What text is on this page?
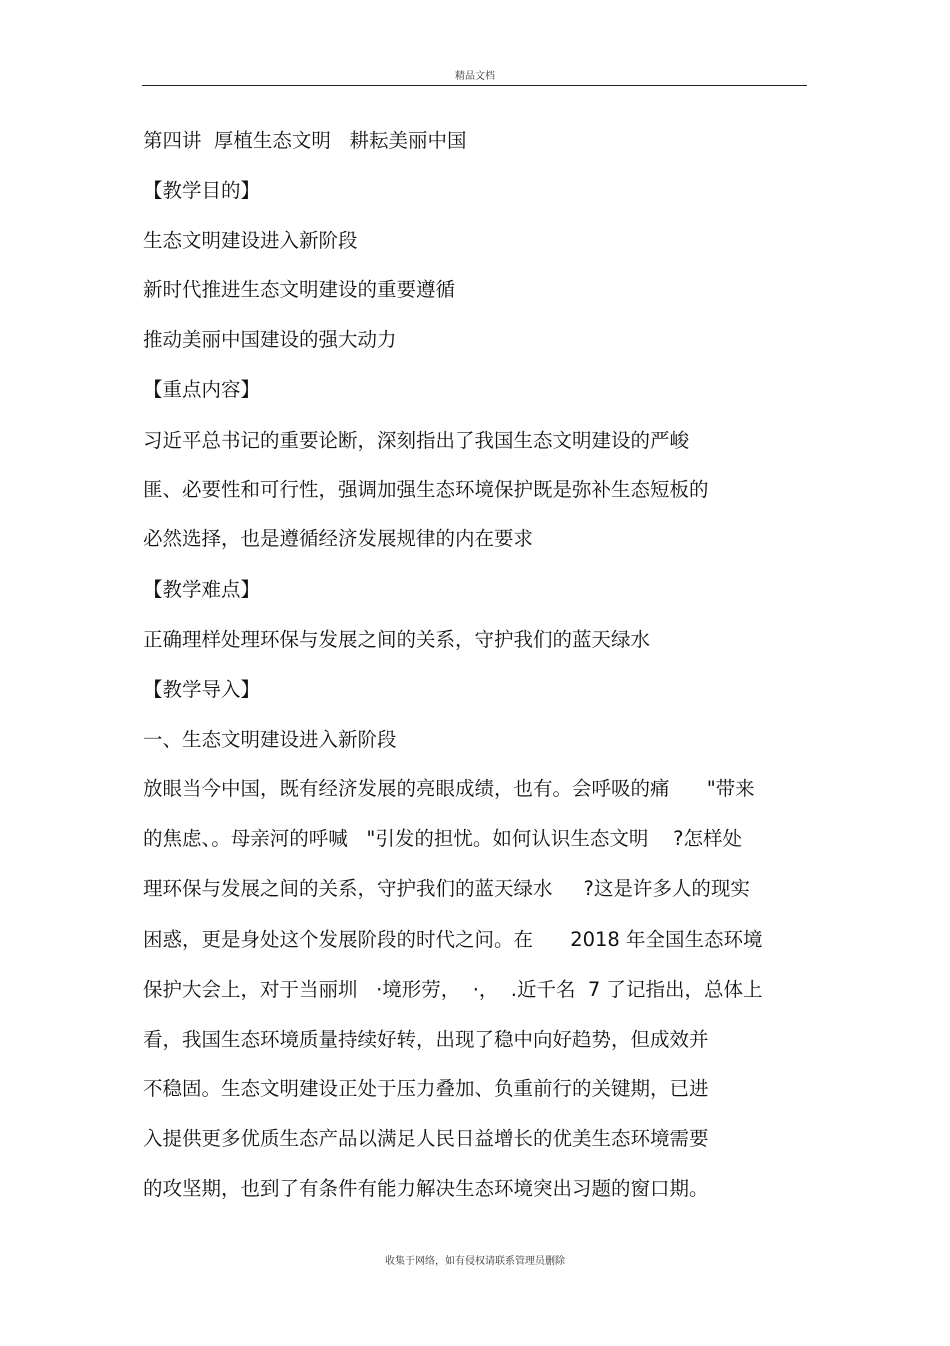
精品文档
第四讲  厚植生态文明   耕耘美丽中国
【教学目的】
生态文明建设进入新阶段
新时代推进生态文明建设的重要遵循
推动美丽中国建设的强大动力
【重点内容】
习近平总书记的重要论断，深刻指出了我国生态文明建设的严峻
匪、必要性和可行性，强调加强生态环境保护既是弥补生态短板的
必然选择，也是遵循经济发展规律的内在要求
【教学难点】
正确理样处理环保与发展之间的关系，守护我们的蓝天绿水
【教学导入】
一、生态文明建设进入新阶段
放眼当今中国，既有经济发展的亮眼成绩，也有。会呼吸的痛      "带来
的焦虑、。母亲河的呼喊   "引发的担忧。如何认识生态文明    ?怎样处
理环保与发展之间的关系，守护我们的蓝天绿水     ?这是许多人的现实
困惑，更是身处这个发展阶段的时代之问。在      2018 年全国生态环境
保护大会上，对于当丽圳   ·境形劳，  ·，  .近千名  7 了记指出，总体上
看，我国生态环境质量持续好转，出现了稳中向好趋势，但成效并
不稳固。生态文明建设正处于压力叠加、负重前行的关键期，已进
入提供更多优质生态产品以满足人民日益增长的优美生态环境需要
的攻坚期，也到了有条件有能力解决生态环境突出习题的窗口期。
收集于网络，如有侵权请联系管理员删除
